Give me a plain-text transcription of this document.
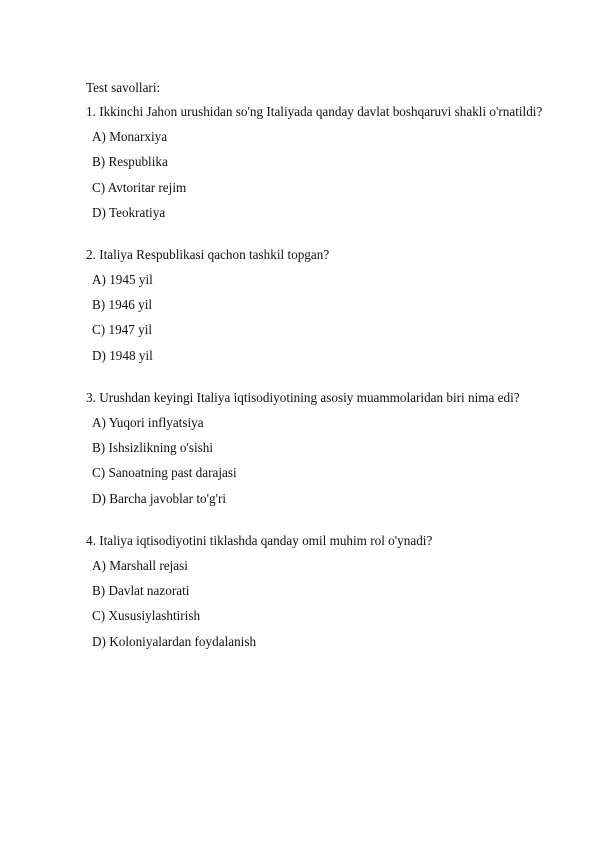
Test savollari:
1. Ikkinchi Jahon urushidan so'ng Italiyada qanday davlat boshqaruvi shakli o'rnatildi?
A) Monarxiya
B) Respublika
C) Avtoritar rejim
D) Teokratiya
2. Italiya Respublikasi qachon tashkil topgan?
A) 1945 yil
B) 1946 yil
C) 1947 yil
D) 1948 yil
3. Urushdan keyingi Italiya iqtisodiyotining asosiy muammolaridan biri nima edi?
A) Yuqori inflyatsiya
B) Ishsizlikning o'sishi
C) Sanoatning past darajasi
D) Barcha javoblar to'g'ri
4. Italiya iqtisodiyotini tiklashda qanday omil muhim rol o'ynadi?
A) Marshall rejasi
B) Davlat nazorati
C) Xususiylashtirish
D) Koloniyalardan foydalanish
